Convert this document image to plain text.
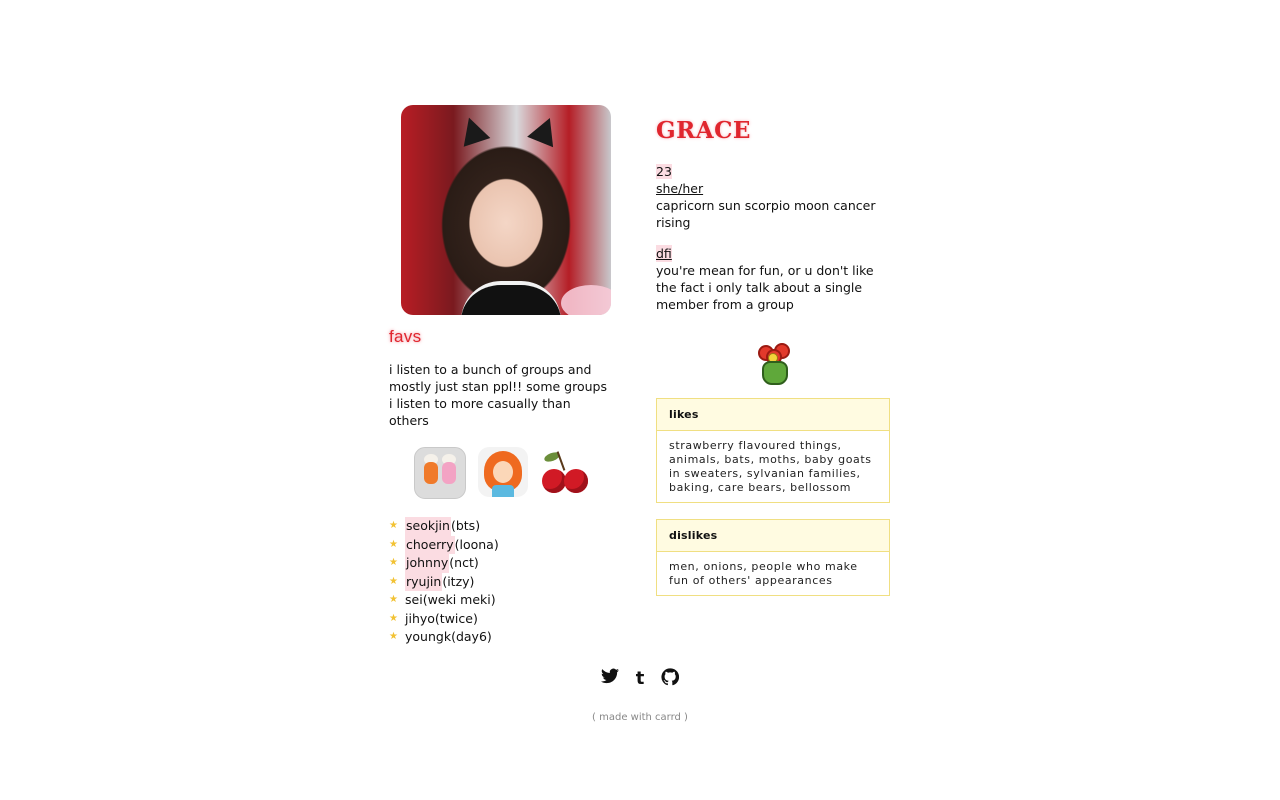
favs
i listen to a bunch of groups and mostly just stan ppl!! some groups i listen to more casually than others
★ seokjin (bts)
★ choerry (loona)
★ johnny (nct)
★ ryujin (itzy)
★ sei (weki meki)
★ jihyo (twice)
★ youngk (day6)
GRACE
23
she/her
capricorn sun scorpio moon cancer rising
dfi
you're mean for fun, or u don't like the fact i only talk about a single member from a group
likes
strawberry flavoured things, animals, bats, moths, baby goats in sweaters, sylvanian families, baking, care bears, bellossom
dislikes
men, onions, people who make fun of others' appearances
t
( made with carrd )
